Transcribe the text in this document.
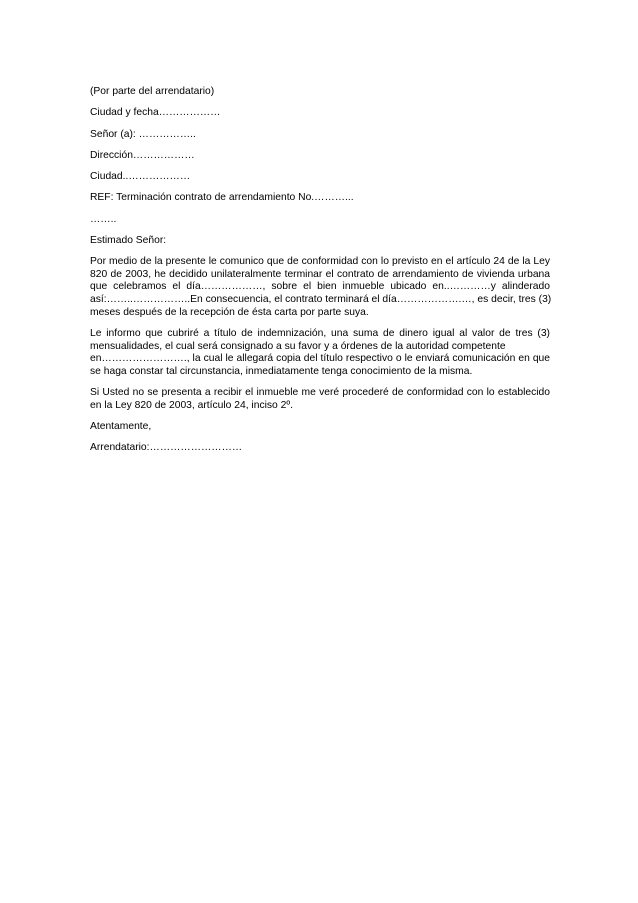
(Por parte del arrendatario)

Ciudad y fecha………………

Señor (a): ……………..

Dirección………………

Ciudad..………………

REF: Terminación contrato de arrendamiento No.………...

……..

Estimado Señor:

Por medio de la presente le comunico que de conformidad con lo previsto en el artículo 24 de la Ley
820 de 2003, he decidido unilateralmente terminar el contrato de arrendamiento de vivienda urbana
que celebramos el día………………, sobre el bien inmueble ubicado en..…………y alinderado
así:……..……………..En consecuencia, el contrato terminará el día……………….…, es decir, tres (3)
meses después de la recepción de ésta carta por parte suya.
Le informo que cubriré a título de indemnización, una suma de dinero igual al valor de tres (3)
mensualidades, el cual será consignado a su favor y a órdenes de la autoridad competente
en……………………., la cual le allegará copia del título respectivo o le enviará comunicación en que
se haga constar tal circunstancia, inmediatamente tenga conocimiento de la misma.
Si Usted no se presenta a recibir el inmueble me veré procederé de conformidad con lo establecido
en la Ley 820 de 2003, artículo 24, inciso 2º.

Atentamente,

Arrendatario:………………………
